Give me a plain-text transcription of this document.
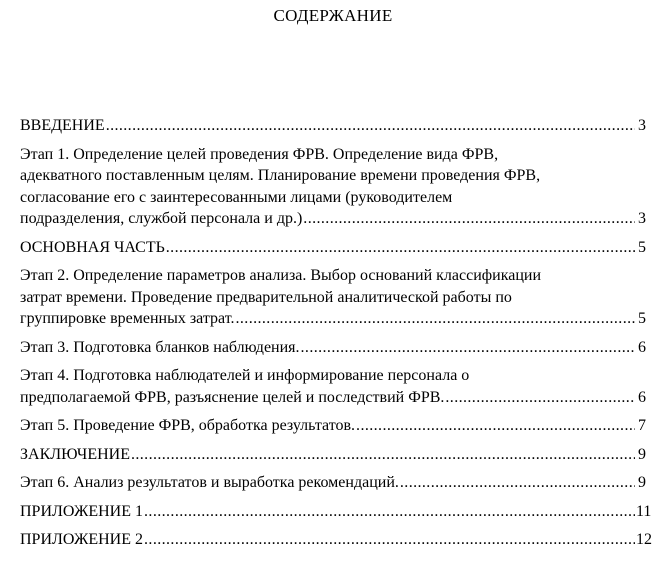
СОДЕРЖАНИЕ
ВВЕДЕНИЕ .....	3
Этап 1. Определение целей проведения ФРВ. Определение вида ФРВ,
адекватного поставленным целям. Планирование времени проведения ФРВ,
согласование его с заинтересованными лицами (руководителем
подразделения, службой персонала и др.) .....	3
ОСНОВНАЯ ЧАСТЬ .....	5
Этап 2. Определение параметров анализа. Выбор оснований классификации
затрат времени. Проведение предварительной аналитической работы по
группировке временных затрат. .....	5
Этап 3. Подготовка бланков наблюдения. .....	6
Этап 4. Подготовка наблюдателей и информирование персонала о
предполагаемой ФРВ, разъяснение целей и последствий ФРВ. .....	6
Этап 5. Проведение ФРВ, обработка результатов. .....	7
ЗАКЛЮЧЕНИЕ .....	9
Этап 6. Анализ результатов и выработка рекомендаций. .....	9
ПРИЛОЖЕНИЕ 1 .....	11
ПРИЛОЖЕНИЕ 2 .....	12
